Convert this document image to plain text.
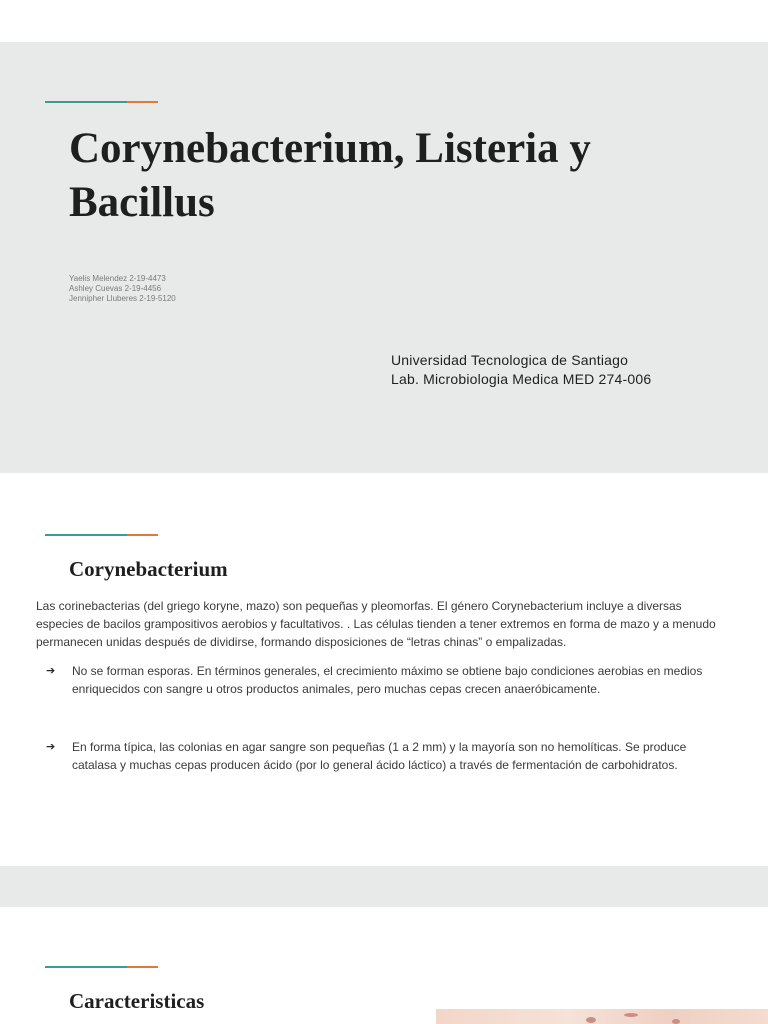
Corynebacterium, Listeria y Bacillus
Yaelis Melendez 2-19-4473
Ashley Cuevas 2-19-4456
Jennipher Lluberes 2-19-5120
Universidad Tecnologica de Santiago
Lab. Microbiologia Medica MED 274-006
Corynebacterium

Las corinebacterias (del griego koryne, mazo) son pequeñas y pleomorfas. El género Corynebacterium incluye a diversas especies de bacilos grampositivos aerobios y facultativos. . Las células tienden a tener extremos en forma de mazo y a menudo permanecen unidas después de dividirse, formando disposiciones de “letras chinas” o empalizadas.

➔ No se forman esporas. En términos generales, el crecimiento máximo se obtiene bajo condiciones aerobias en medios enriquecidos con sangre u otros productos animales, pero muchas cepas crecen anaeróbicamente.

➔ En forma típica, las colonias en agar sangre son pequeñas (1 a 2 mm) y la mayoría son no hemolíticas. Se produce catalasa y muchas cepas producen ácido (por lo general ácido láctico) a través de fermentación de carbohidratos.

Caracteristicas
